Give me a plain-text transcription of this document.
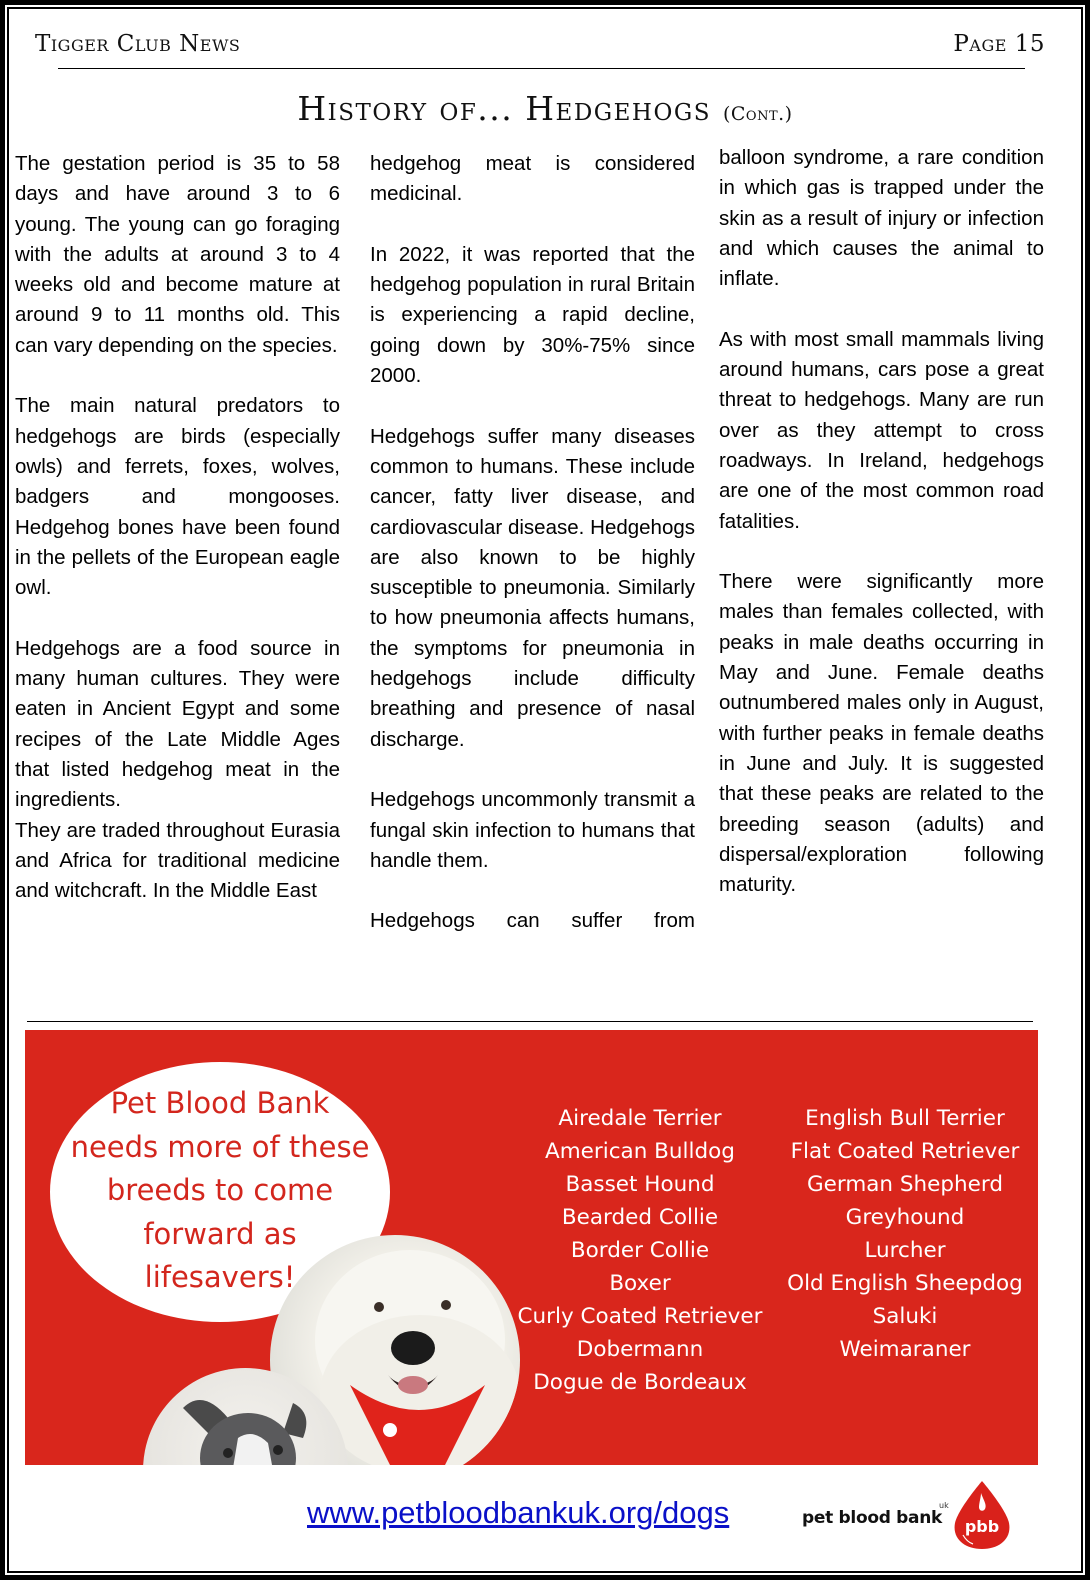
Tigger Club News	Page 15
History of... Hedgehogs (Cont.)

The gestation period is 35 to 58 days and have around 3 to 6 young. The young can go foraging with the adults at around 3 to 4 weeks old and become mature at around 9 to 11 months old. This can vary depending on the species.

The main natural predators to hedgehogs are birds (especially owls) and ferrets, foxes, wolves, badgers and mongooses. Hedgehog bones have been found in the pellets of the European eagle owl.

Hedgehogs are a food source in many human cultures. They were eaten in Ancient Egypt and some recipes of the Late Middle Ages that listed hedgehog meat in the ingredients.

They are traded throughout Eurasia and Africa for traditional medicine and witchcraft. In the Middle East

hedgehog meat is considered medicinal.

In 2022, it was reported that the hedgehog population in rural Britain is experiencing a rapid decline, going down by 30%-75% since 2000.

Hedgehogs suffer many diseases common to humans. These include cancer, fatty liver disease, and cardiovascular disease. Hedgehogs are also known to be highly susceptible to pneumonia. Similarly to how pneumonia affects humans, the symptoms for pneumonia in hedgehogs include difficulty breathing and presence of nasal discharge.

Hedgehogs uncommonly transmit a fungal skin infection to humans that handle them.

Hedgehogs can suffer from

balloon syndrome, a rare condition in which gas is trapped under the skin as a result of injury or infection and which causes the animal to inflate.

As with most small mammals living around humans, cars pose a great threat to hedgehogs. Many are run over as they attempt to cross roadways. In Ireland, hedgehogs are one of the most common road fatalities.

There were significantly more males than females collected, with peaks in male deaths occurring in May and June. Female deaths outnumbered males only in August, with further peaks in female deaths in June and July. It is suggested that these peaks are related to the breeding season (adults) and dispersal/exploration following maturity.

Pet Blood Bank needs more of these breeds to come forward as lifesavers!
Airedale Terrier
American Bulldog
Basset Hound
Bearded Collie
Border Collie
Boxer
Curly Coated Retriever
Dobermann
Dogue de Bordeaux
English Bull Terrier
Flat Coated Retriever
German Shepherd
Greyhound
Lurcher
Old English Sheepdog
Saluki
Weimaraner
www.petbloodbankuk.org/dogs	pet blood bank
uk
pbb
